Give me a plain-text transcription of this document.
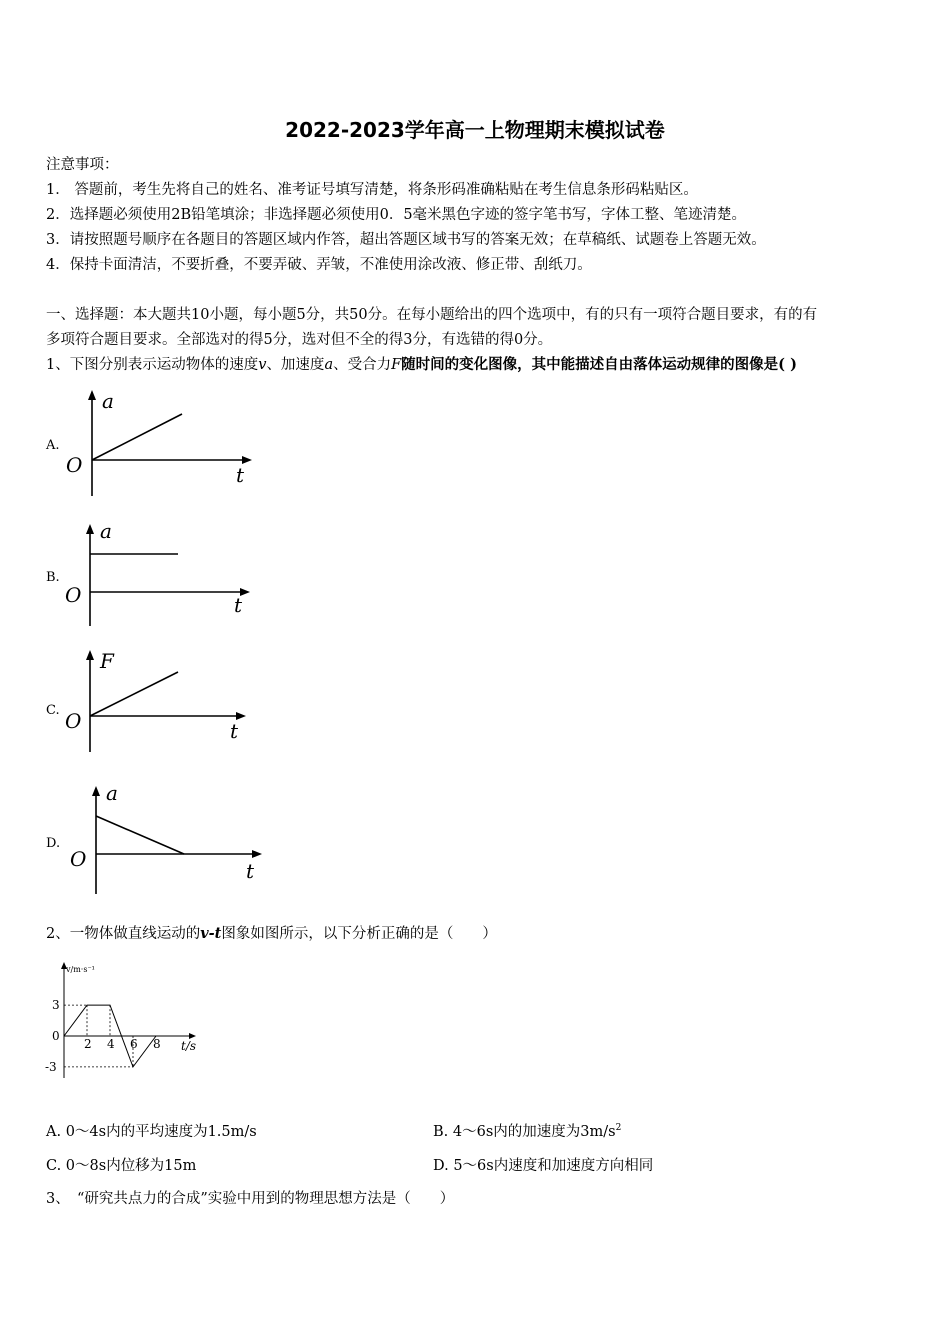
2022-2023学年高一上物理期末模拟试卷
注意事项：
1． 答题前，考生先将自己的姓名、准考证号填写清楚，将条形码准确粘贴在考生信息条形码粘贴区。
2．选择题必须使用2B铅笔填涂；非选择题必须使用0．5毫米黑色字迹的签字笔书写，字体工整、笔迹清楚。
3．请按照题号顺序在各题目的答题区域内作答，超出答题区域书写的答案无效；在草稿纸、试题卷上答题无效。
4．保持卡面清洁，不要折叠，不要弄破、弄皱，不准使用涂改液、修正带、刮纸刀。
一、选择题：本大题共10小题，每小题5分，共50分。在每小题给出的四个选项中，有的只有一项符合题目要求，有的有
多项符合题目要求。全部选对的得5分，选对但不全的得3分，有选错的得0分。
1、下图分别表示运动物体的速度v、加速度a、受合力F随时间的变化图像，其中能描述自由落体运动规律的图像是( )
A.
a
O	t
B.
a
O	t
C.
F
O	t
D.
a
O	t
2、一物体做直线运动的v-t图象如图所示，以下分析正确的是（　　）
v/m·s⁻¹
t/s
2 4 6 8
3
0
-3
A. 0～4s内的平均速度为1.5m/s	B. 4～6s内的加速度为$3m/s^2$
C. 0～8s内位移为15m	D. 5～6s内速度和加速度方向相同
3、　“研究共点力的合成”实验中用到的物理思想方法是（　　）
